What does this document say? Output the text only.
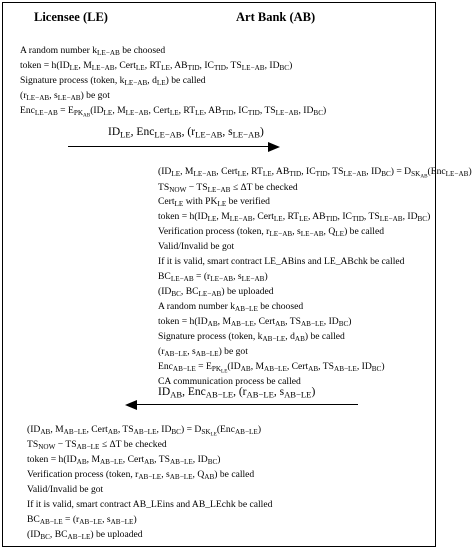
Licensee (LE)	Art Bank (AB)
A random number $k_{LE-AB}$ be choosed
token = $h(ID_{LE}$, $M_{LE-AB}$, Cert$_{LE}$, $RT_{LE}$, $AB_{TID}$, $IC_{TID}$, $TS_{LE-AB}$, $ID_{BC}$)
Signature process (token, $k_{LE-AB}$, $d_{LE}$) be called
($r_{LE-AB}$, $s_{LE-AB}$) be got
$Enc_{LE-AB} = E_{PK_{AB}}(ID_{LE}$, $M_{LE-AB}$, Cert$_{LE}$, $RT_{LE}$, $AB_{TID}$, $IC_{TID}$, $TS_{LE-AB}$, $ID_{BC}$)
$ID_{LE}$, Enc$_{LE-AB}$, ($r_{LE-AB}$, $s_{LE-AB}$)
($ID_{LE}$, $M_{LE-AB}$, Cert$_{LE}$, $RT_{LE}$, $AB_{TID}$, $IC_{TID}$, $TS_{LE-AB}$, $ID_{BC}) = D_{SK_{AB}}(Enc_{LE-AB})$
$TS_{NOW} - TS_{LE-AB} \le \Delta T$ be checked
Cert$_{LE}$ with $PK_{LE}$ be verified
token = $h(ID_{LE}$, $M_{LE-AB}$, Cert$_{LE}$, $RT_{LE}$, $AB_{TID}$, $IC_{TID}$, $TS_{LE-AB}$, $ID_{BC}$)
Verification process (token, $r_{LE-AB}$, $s_{LE-AB}$, $Q_{LE}$) be called
Valid/Invalid be got
If it is valid, smart contract LE_ABins and LE_ABchk be called
$BC_{LE-AB} = (r_{LE-AB}$, $s_{LE-AB}$)
($ID_{BC}$, $BC_{LE-AB}$) be uploaded
A random number $k_{AB-LE}$ be choosed
token = $h(ID_{AB}$, $M_{AB-LE}$, Cert$_{AB}$, $TS_{AB-LE}$, $ID_{BC}$)
Signature process (token, $k_{AB-LE}$, $d_{AB}$) be called
($r_{AB-LE}$, $s_{AB-LE}$) be got
$Enc_{AB-LE} = E_{PK_{LE}}(ID_{AB}$, $M_{AB-LE}$, Cert$_{AB}$, $TS_{AB-LE}$, $ID_{BC}$)
CA communication process be called
$ID_{AB}$, Enc$_{AB-LE}$, ($r_{AB-LE}$, $s_{AB-LE}$)
($ID_{AB}$, $M_{AB-LE}$, Cert$_{AB}$, $TS_{AB-LE}$, $ID_{BC}) = D_{SK_{LE}}(Enc_{AB-LE})$
$TS_{NOW} - TS_{AB-LE} \le \Delta T$ be checked
token = $h(ID_{AB}$, $M_{AB-LE}$, Cert$_{AB}$, $TS_{AB-LE}$, $ID_{BC}$)
Verification process (token, $r_{AB-LE}$, $s_{AB-LE}$, $Q_{AB}$) be called
Valid/Invalid be got
If it is valid, smart contract AB_LEins and AB_LEchk be called
$BC_{AB-LE} = (r_{AB-LE}$, $s_{AB-LE}$)
($ID_{BC}$, $BC_{AB-LE}$) be uploaded
